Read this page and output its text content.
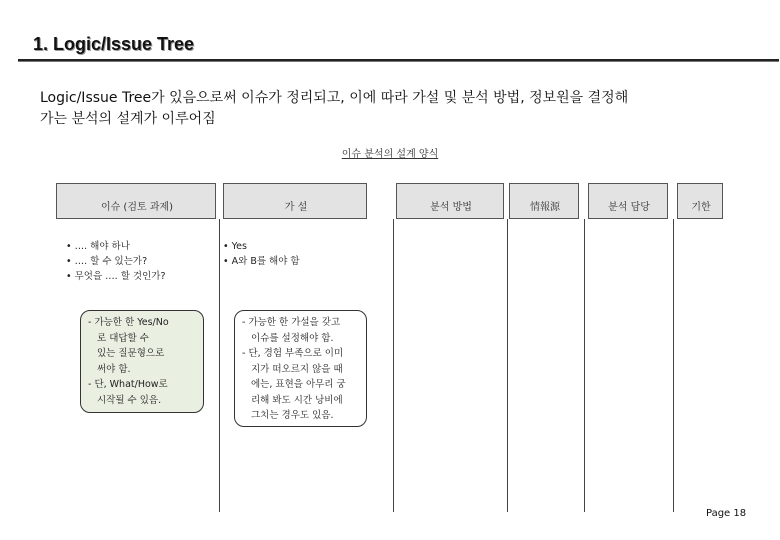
1. Logic/Issue Tree
Logic/Issue Tree가 있음으로써 이슈가 정리되고, 이에 따라 가설 및 분석 방법, 정보원을 결정해
가는 분석의 설계가 이루어짐
이슈 분석의 설계 양식
이슈 (검토 과제)	가 설	분석 방법	情報源	분석 담당	기한
• …. 해야 하나
• …. 할 수 있는가?
• 무엇을 …. 할 것인가?
• Yes
• A와 B를 해야 함
- 가능한 한 Yes/No
로 대답할 수
있는 질문형으로
써야 함.
- 단, What/How로
시작될 수 있음.
- 가능한 한 가설을 갖고
이슈를 설정해야 함.
- 단, 경험 부족으로 이미
지가 떠오르지 않을 때
에는, 표현을 아무리 궁
리해 봐도 시간 낭비에
그치는 경우도 있음.
Page 18
